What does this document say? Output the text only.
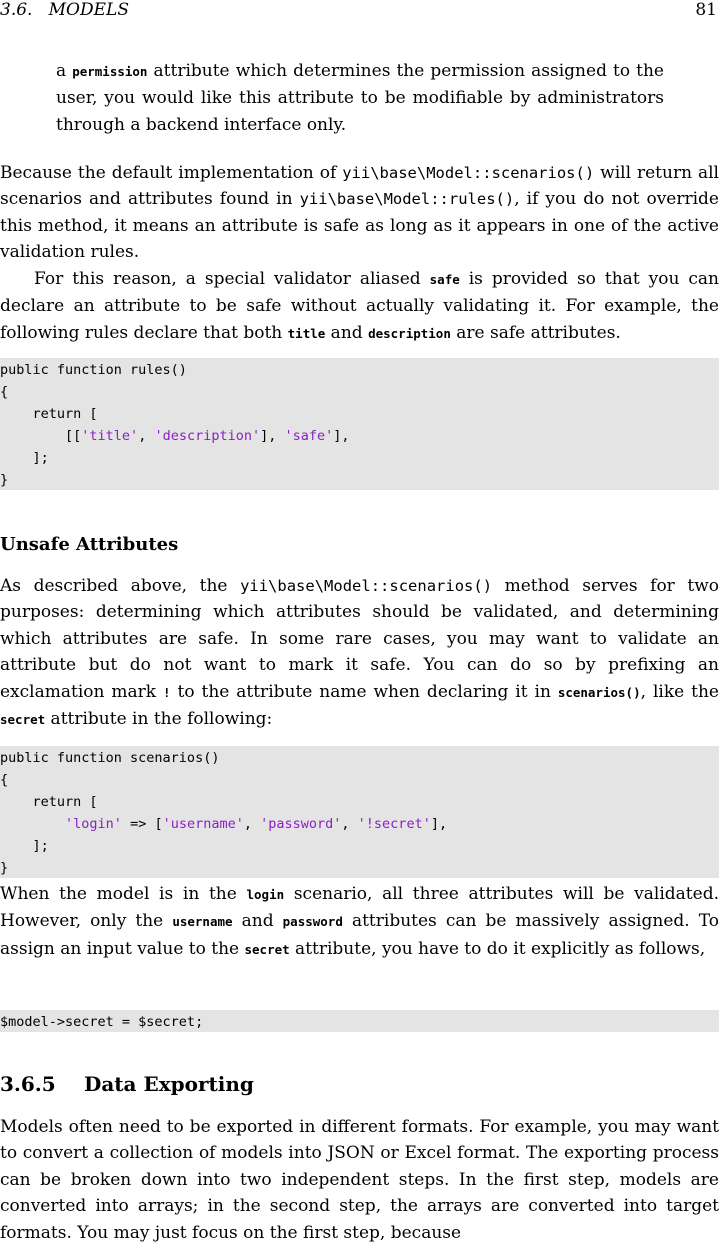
3.6.   MODELS	81

a permission attribute which determines the permission assigned to the user, you would like this attribute to be modifiable by administrators through a backend interface only.

Because the default implementation of yii\base\Model::scenarios() will return all scenarios and attributes found in yii\base\Model::rules(), if you do not override this method, it means an attribute is safe as long as it appears in one of the active validation rules.

For this reason, a special validator aliased safe is provided so that you can declare an attribute to be safe without actually validating it. For example, the following rules declare that both title and description are safe attributes.

public function rules()
{
return [
[['title', 'description'], 'safe'],
];
}
Unsafe Attributes

As described above, the yii\base\Model::scenarios() method serves for two purposes: determining which attributes should be validated, and determining which attributes are safe. In some rare cases, you may want to validate an attribute but do not want to mark it safe. You can do so by prefixing an exclamation mark ! to the attribute name when declaring it in scenarios(), like the secret attribute in the following:

public function scenarios()
{
return [
'login' => ['username', 'password', '!secret'],
];
}

When the model is in the login scenario, all three attributes will be validated. However, only the username and password attributes can be massively assigned. To assign an input value to the secret attribute, you have to do it explicitly as follows,

$model->secret = $secret;
3.6.5 Data Exporting

Models often need to be exported in different formats. For example, you may want to convert a collection of models into JSON or Excel format. The exporting process can be broken down into two independent steps. In the first step, models are converted into arrays; in the second step, the arrays are converted into target formats. You may just focus on the first step, because
